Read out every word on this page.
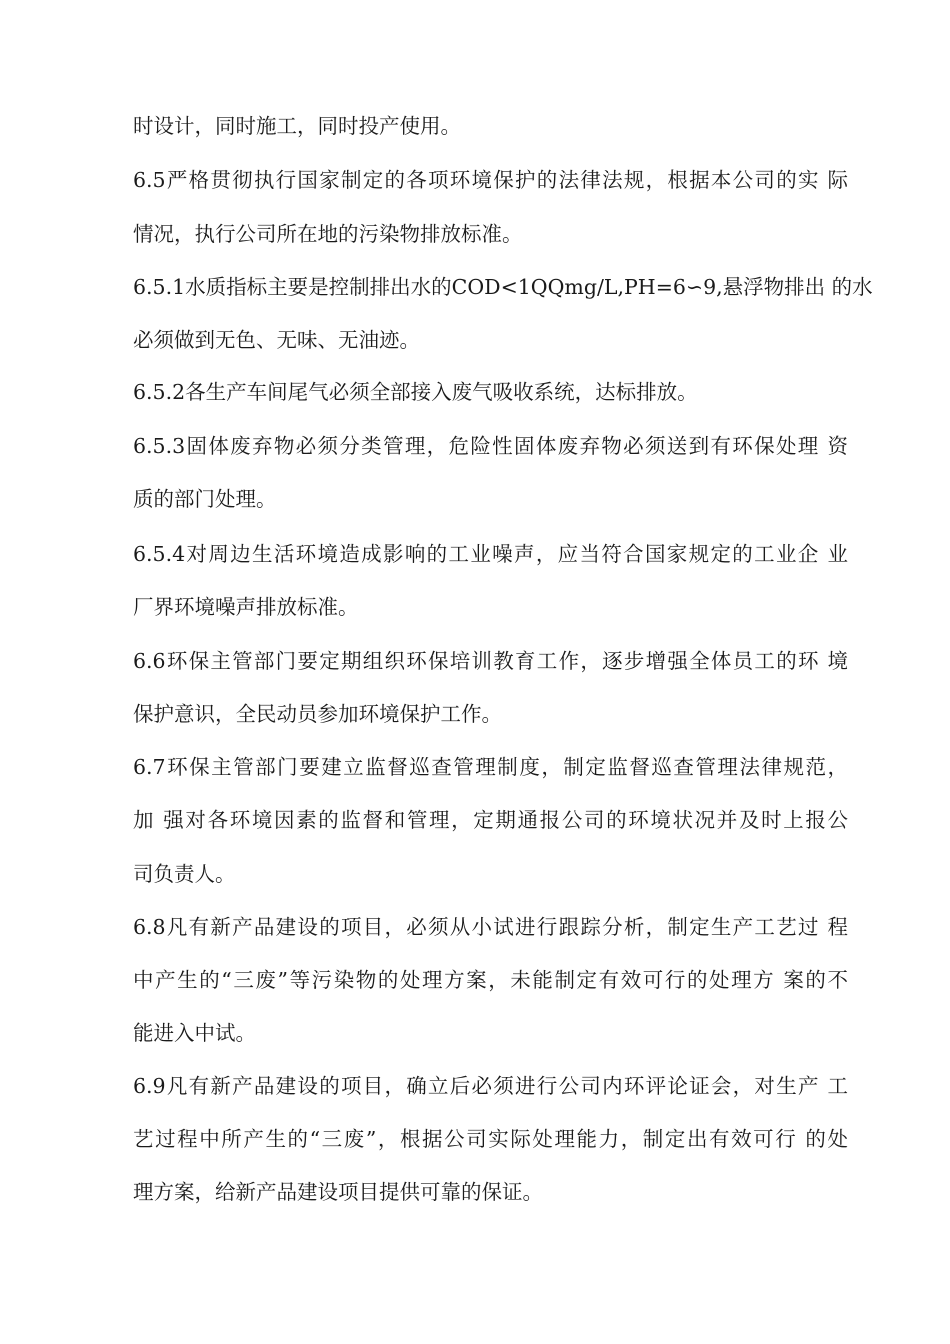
时设计，同时施工，同时投产使用。
6.5严格贯彻执行国家制定的各项环境保护的法律法规，根据本公司的实 际
情况，执行公司所在地的污染物排放标准。
6.5.1水质指标主要是控制排出水的COD<1QQmg/L,PH=6∽9,悬浮物排出 的水
必须做到无色、无味、无油迹。
6.5.2各生产车间尾气必须全部接入废气吸收系统，达标排放。
6.5.3固体废弃物必须分类管理，危险性固体废弃物必须送到有环保处理 资
质的部门处理。
6.5.4对周边生活环境造成影响的工业噪声，应当符合国家规定的工业企 业
厂界环境噪声排放标准。
6.6环保主管部门要定期组织环保培训教育工作，逐步增强全体员工的环 境
保护意识，全民动员参加环境保护工作。
6.7环保主管部门要建立监督巡查管理制度，制定监督巡查管理法律规范，
加 强对各环境因素的监督和管理，定期通报公司的环境状况并及时上报公
司负责人。
6.8凡有新产品建设的项目，必须从小试进行跟踪分析，制定生产工艺过 程
中产生的“三废”等污染物的处理方案，未能制定有效可行的处理方 案的不
能进入中试。
6.9凡有新产品建设的项目，确立后必须进行公司内环评论证会，对生产 工
艺过程中所产生的“三废”，根据公司实际处理能力，制定出有效可行 的处
理方案，给新产品建设项目提供可靠的保证。
